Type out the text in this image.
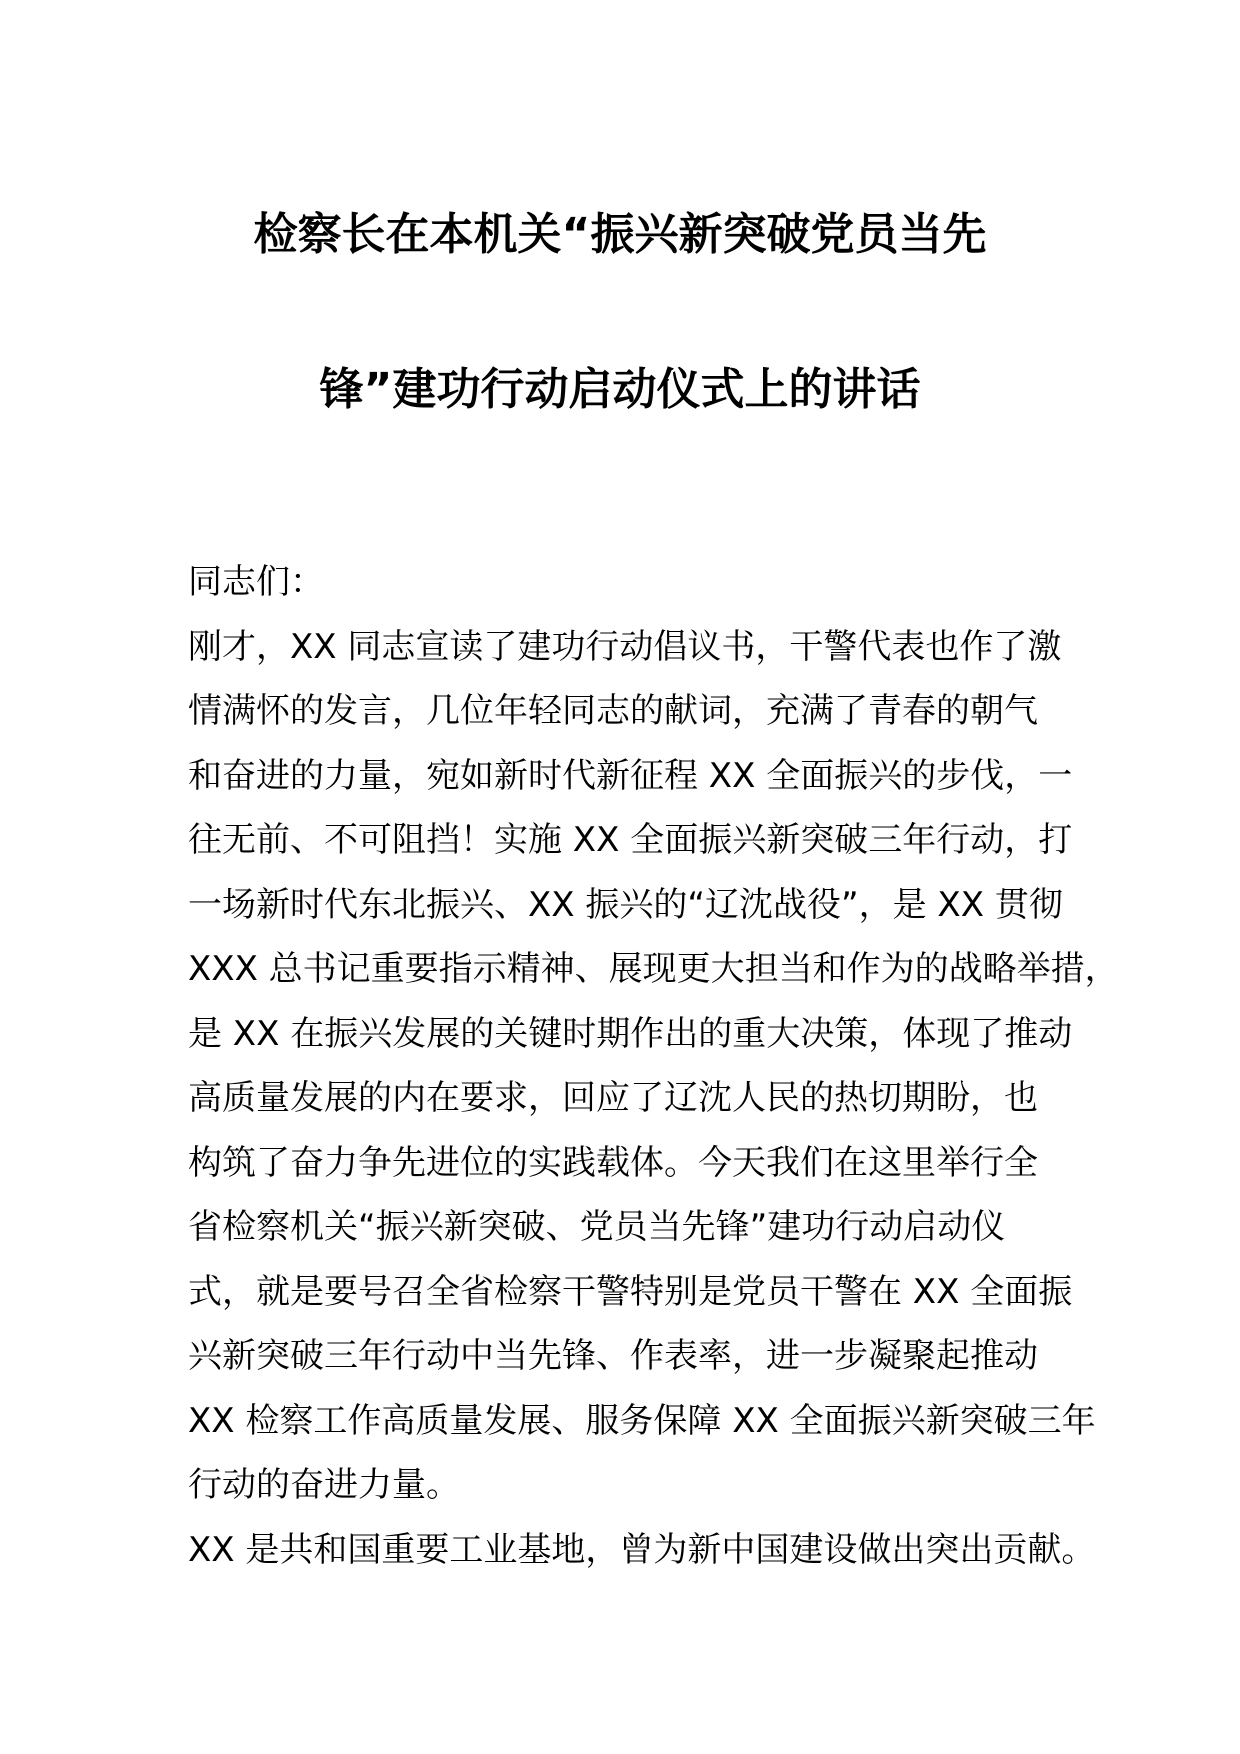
检察长在本机关“振兴新突破党员当先
锋”建功行动启动仪式上的讲话
同志们：
刚才，XX 同志宣读了建功行动倡议书，干警代表也作了激
情满怀的发言，几位年轻同志的献词，充满了青春的朝气
和奋进的力量，宛如新时代新征程 XX 全面振兴的步伐，一
往无前、不可阻挡！实施 XX 全面振兴新突破三年行动，打
一场新时代东北振兴、XX 振兴的“辽沈战役”，是 XX 贯彻
XXX 总书记重要指示精神、展现更大担当和作为的战略举措，
是 XX 在振兴发展的关键时期作出的重大决策，体现了推动
高质量发展的内在要求，回应了辽沈人民的热切期盼，也
构筑了奋力争先进位的实践载体。今天我们在这里举行全
省检察机关“振兴新突破、党员当先锋”建功行动启动仪
式，就是要号召全省检察干警特别是党员干警在 XX 全面振
兴新突破三年行动中当先锋、作表率，进一步凝聚起推动
XX 检察工作高质量发展、服务保障 XX 全面振兴新突破三年
行动的奋进力量。
XX 是共和国重要工业基地，曾为新中国建设做出突出贡献。
